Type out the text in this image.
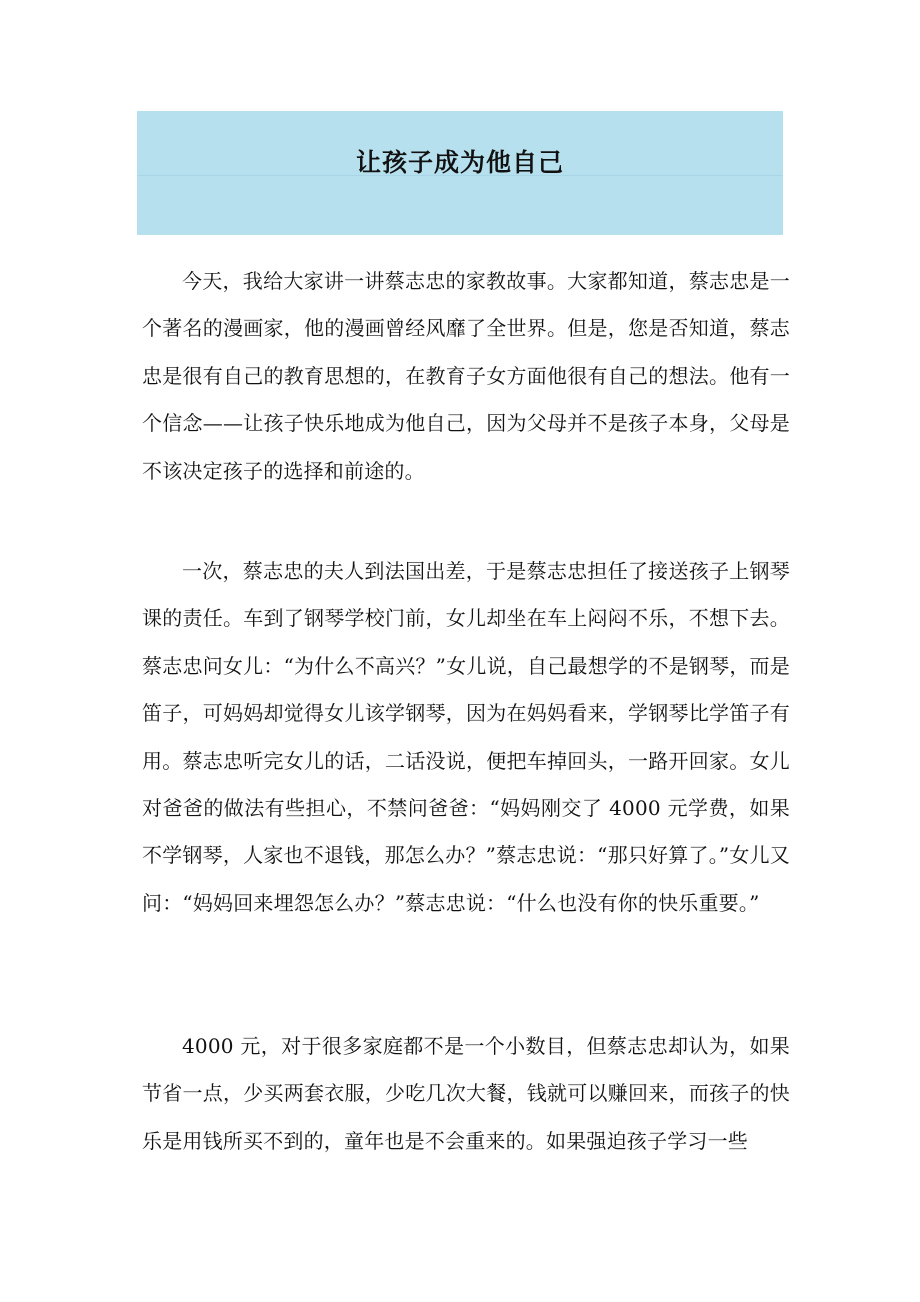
让孩子成为他自己

今天，我给大家讲一讲蔡志忠的家教故事。大家都知道，蔡志忠是一个著名的漫画家，他的漫画曾经风靡了全世界。但是，您是否知道，蔡志忠是很有自己的教育思想的，在教育子女方面他很有自己的想法。他有一个信念——让孩子快乐地成为他自己，因为父母并不是孩子本身，父母是不该决定孩子的选择和前途的。

一次，蔡志忠的夫人到法国出差，于是蔡志忠担任了接送孩子上钢琴课的责任。车到了钢琴学校门前，女儿却坐在车上闷闷不乐，不想下去。蔡志忠问女儿：“为什么不高兴？”女儿说，自己最想学的不是钢琴，而是笛子，可妈妈却觉得女儿该学钢琴，因为在妈妈看来，学钢琴比学笛子有用。蔡志忠听完女儿的话，二话没说，便把车掉回头，一路开回家。女儿对爸爸的做法有些担心，不禁问爸爸：“妈妈刚交了 4000 元学费，如果不学钢琴，人家也不退钱，那怎么办？”蔡志忠说：“那只好算了。”女儿又问：“妈妈回来埋怨怎么办？”蔡志忠说：“什么也没有你的快乐重要。”

4000 元，对于很多家庭都不是一个小数目，但蔡志忠却认为，如果节省一点，少买两套衣服，少吃几次大餐，钱就可以赚回来，而孩子的快乐是用钱所买不到的，童年也是不会重来的。如果强迫孩子学习一些
